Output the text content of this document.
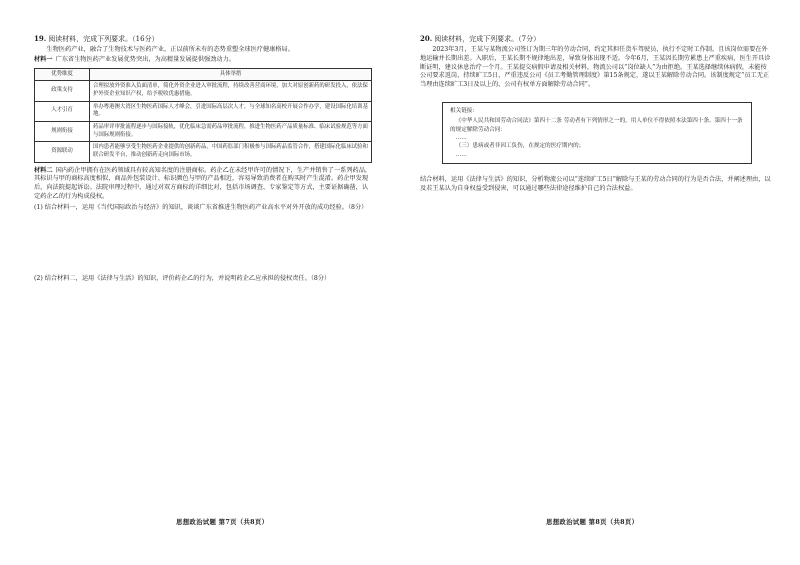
19. 阅读材料，完成下列要求。（16分）

生物医药产业，融合了生物技术与医药产业，正以前所未有的态势重塑全球医疗健康格局。

材料一 广东省生物医药产业发展优势突出，为高精量发展提供强劲动力。

优势维度	具体举措
政策支持	合理拟放外资准入负面清单，简化外资企业进入审批流程，持续改善营商环境，加大对原创新药的研发投入，依法保护外资企业知识产权，给予税收优惠措施。
人才引育	举办粤港澳大湾区生物医药国际人才峰会，引进国际高层次人才，与全球知名高校开展合作办学，建设国际化培训基地。
规则衔接	药品审评审批流程逐步与国际接轨，优化临床急需药品审批流程，推进生物医药产品质量标准、临床试验规范等方面与国际规则衔接。
资源联动	国内患者能够享受生物医药企业提供的创新药品，中国药监部门积极参与国际药品监管合作，搭建国际化临床试验和联合研发平台，推动创新药走向国际市场。

材料二 国内药企甲拥有在医药领域具有较高知名度的注册商标。药企乙在未经甲许可的情况下，生产并销售了一系列药品，其标识与甲的商标高度相似，商品外包装设计、标识颜色与甲的产品相近，容易导致消费者在购买时产生混淆。药企甲发现后，向法院提起诉讼。法院审理过程中，通过对双方商标的详细比对，包括市场调查、专家鉴定等方式，主要证据确凿，认定药企乙的行为构成侵权。

(1) 结合材料一，运用《当代国际政治与经济》的知识，谈谈广东省推进生物医药产业高水平对外开放的成功经验。（8分）

(2) 结合材料二，运用《法律与生活》的知识，评价药企乙的行为，并说明药企乙应承担的侵权责任。（8分）

思想政治试题 第7页（共8页）
20. 阅读材料，完成下列要求。（7分）

2023年3月，王某与某物流公司签订为期三年的劳动合同，约定其担任货车驾驶员，执行不定时工作制，且该岗位需要在外地运输并长期出差。入职后，王某长期不规律地出差，导致身体出现不适。今年6月，王某因长期劳累患上严重疾病，医生开具诊断证明，建议休息治疗一个月。王某提交病假申请及相关材料，物流公司以“岗位缺人”为由拒绝。王某选择继续休病假，未能按公司要求返岗，持续旷工5日，严重违反公司《员工考勤管理制度》第15条规定，遂以王某解除劳动合同。该制度规定“员工无正当理由连续旷工3日及以上的，公司有权单方面解除劳动合同”。

相关链接：
《中华人民共和国劳动合同法》第四十二条 劳动者有下列情形之一的，用人单位不得依照本法第四十条、第四十一条的规定解除劳动合同：
……
（三）患病或者非因工负伤，在规定的医疗期内的；
……

结合材料，运用《法律与生活》的知识，分析物流公司以“连续旷工5日”解除与王某的劳动合同的行为是否合法，并阐述理由，以及若王某认为自身权益受到侵害，可以通过哪些法律途径维护自己的合法权益。

思想政治试题 第8页（共8页）
